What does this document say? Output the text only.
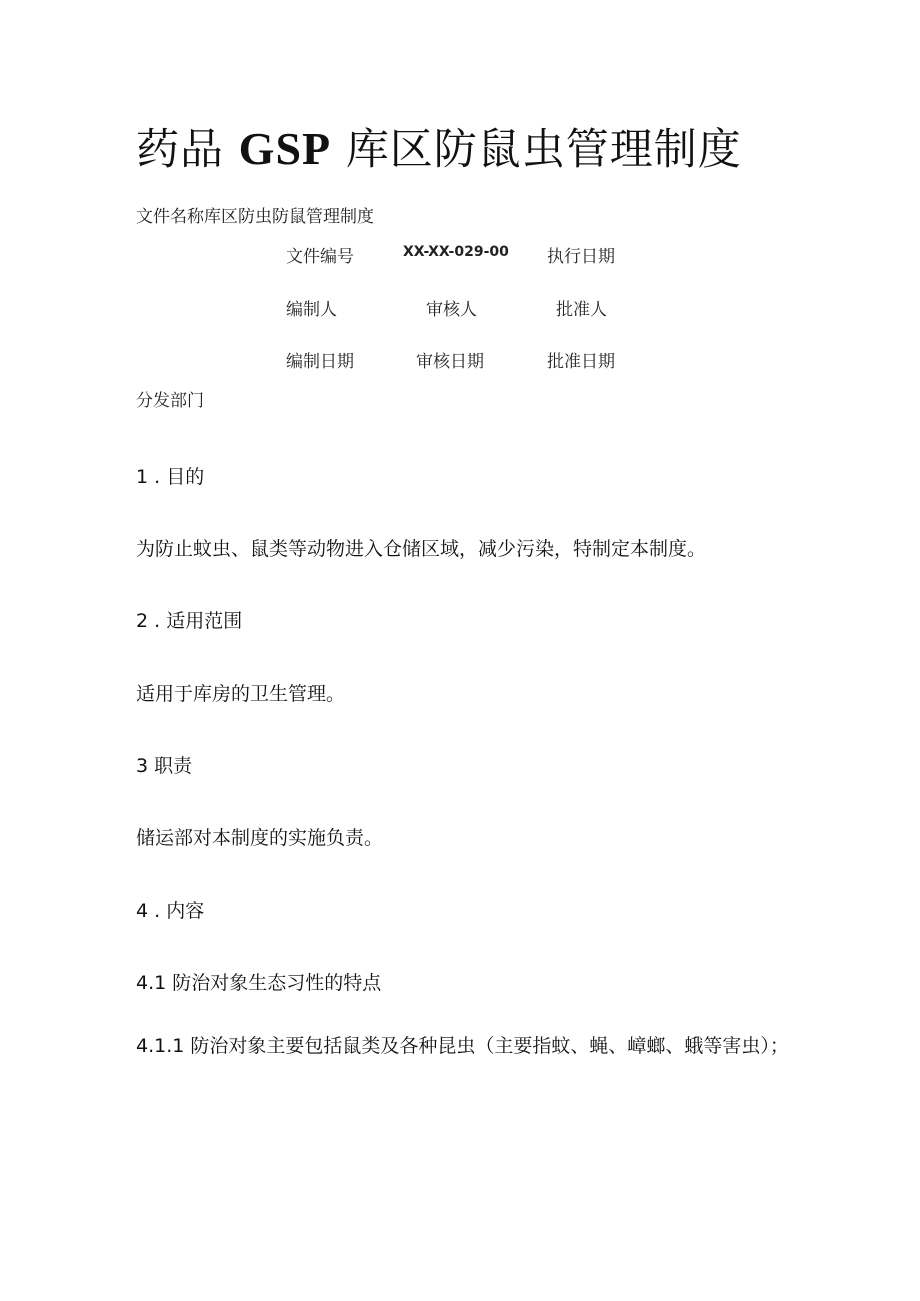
药品 GSP 库区防鼠虫管理制度
文件名称库区防虫防鼠管理制度
文件编号	XX-XX-029-00 执行日期
编制人	审核人	批准人
编制日期	审核日期	批准日期
分发部门
1 . 目的
为防止蚊虫、鼠类等动物进入仓储区域，减少污染，特制定本制度。
2 . 适用范围
适用于库房的卫生管理。
3 职责
储运部对本制度的实施负责。
4 . 内容
4.1 防治对象生态习性的特点
4.1.1 防治对象主要包括鼠类及各种昆虫（主要指蚊、蝇、嶂螂、蛾等害虫）；
